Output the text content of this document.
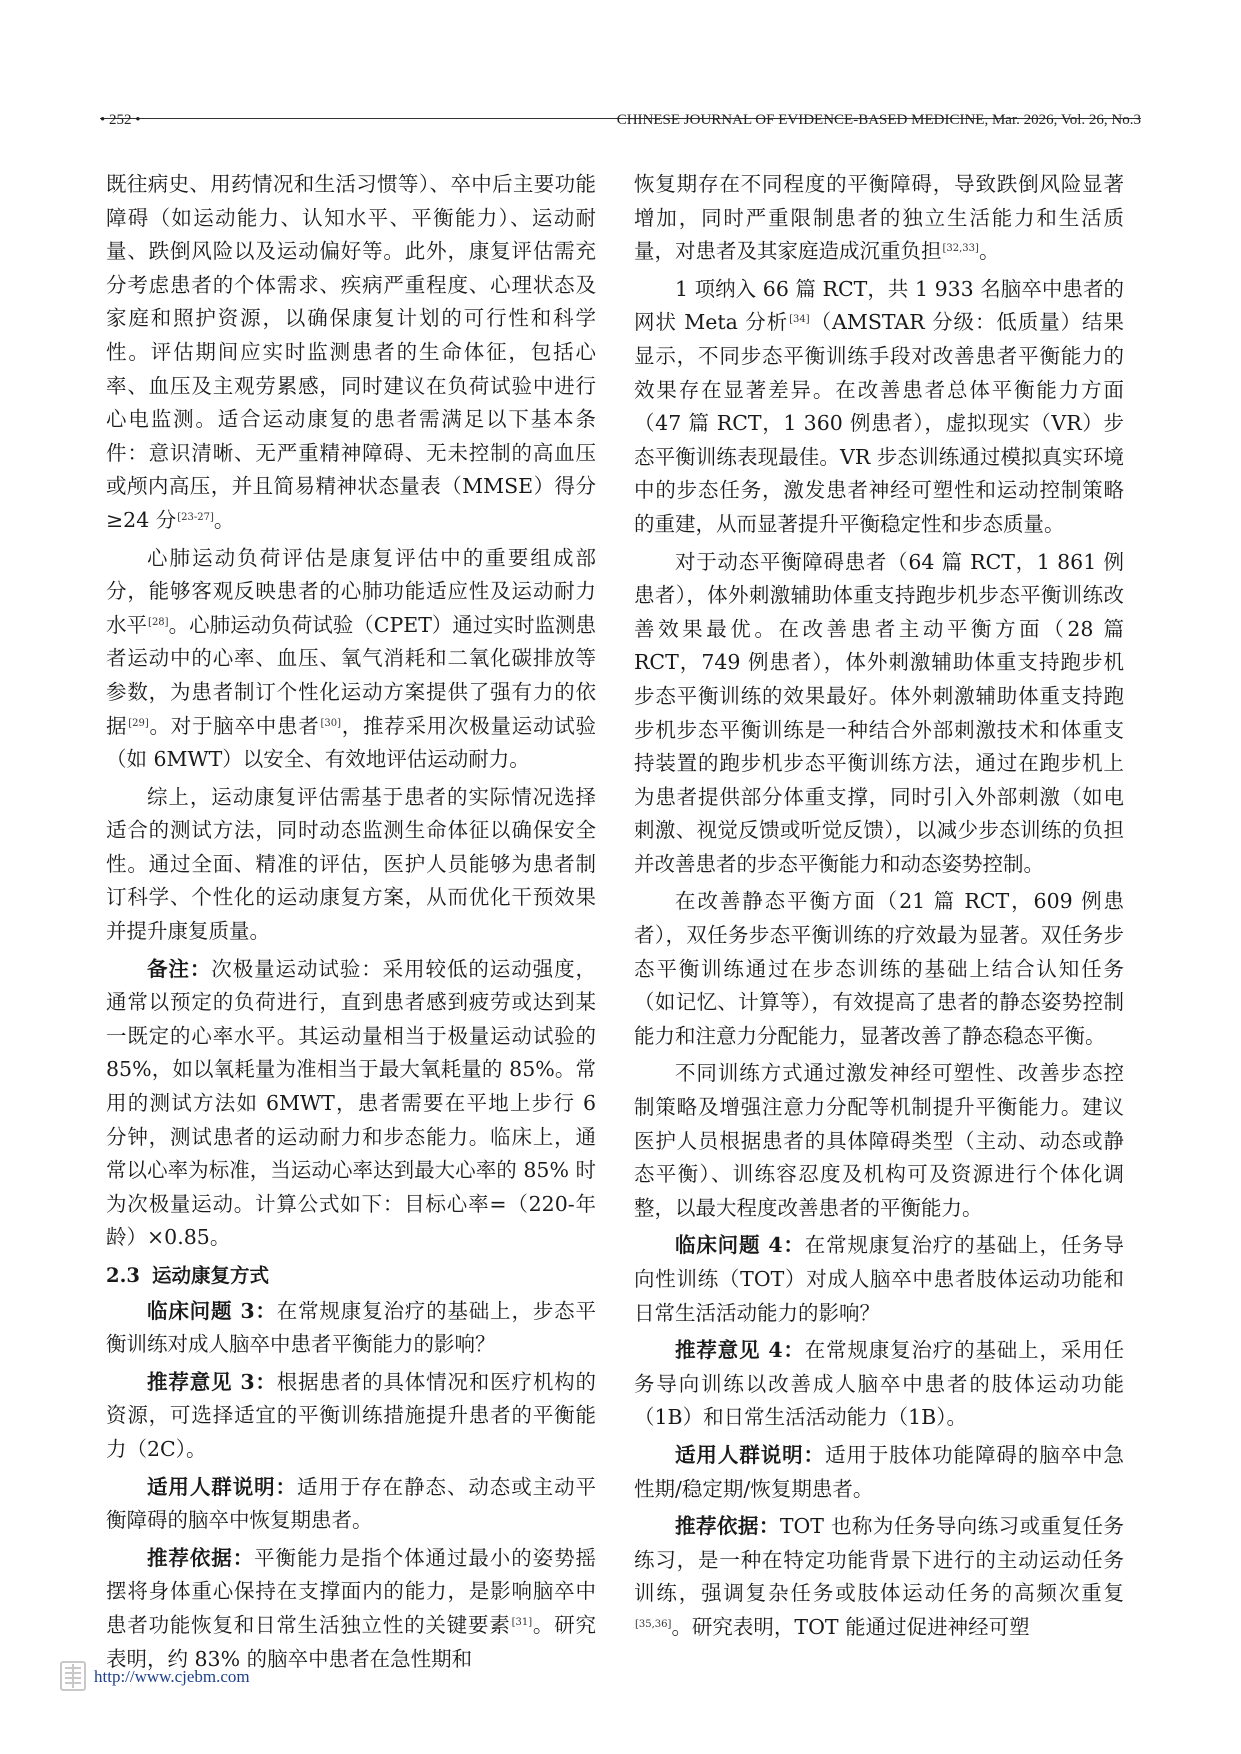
• 252 •	CHINESE JOURNAL OF EVIDENCE-BASED MEDICINE, Mar. 2026, Vol. 26, No.3

既往病史、用药情况和生活习惯等）、卒中后主要功能障碍（如运动能力、认知水平、平衡能力）、运动耐量、跌倒风险以及运动偏好等。此外，康复评估需充分考虑患者的个体需求、疾病严重程度、心理状态及家庭和照护资源，以确保康复计划的可行性和科学性。评估期间应实时监测患者的生命体征，包括心率、血压及主观劳累感，同时建议在负荷试验中进行心电监测。适合运动康复的患者需满足以下基本条件：意识清晰、无严重精神障碍、无未控制的高血压或颅内高压，并且简易精神状态量表（MMSE）得分≥24 分[23-27]。

心肺运动负荷评估是康复评估中的重要组成部分，能够客观反映患者的心肺功能适应性及运动耐力水平[28]。心肺运动负荷试验（CPET）通过实时监测患者运动中的心率、血压、氧气消耗和二氧化碳排放等参数，为患者制订个性化运动方案提供了强有力的依据[29]。对于脑卒中患者[30]，推荐采用次极量运动试验（如 6MWT）以安全、有效地评估运动耐力。

综上，运动康复评估需基于患者的实际情况选择适合的测试方法，同时动态监测生命体征以确保安全性。通过全面、精准的评估，医护人员能够为患者制订科学、个性化的运动康复方案，从而优化干预效果并提升康复质量。

备注：次极量运动试验：采用较低的运动强度，通常以预定的负荷进行，直到患者感到疲劳或达到某一既定的心率水平。其运动量相当于极量运动试验的 85%，如以氧耗量为准相当于最大氧耗量的 85%。常用的测试方法如 6MWT，患者需要在平地上步行 6 分钟，测试患者的运动耐力和步态能力。临床上，通常以心率为标准，当运动心率达到最大心率的 85% 时为次极量运动。计算公式如下：目标心率=（220-年龄）×0.85。

2.3 运动康复方式

临床问题 3：在常规康复治疗的基础上，步态平衡训练对成人脑卒中患者平衡能力的影响？

推荐意见 3：根据患者的具体情况和医疗机构的资源，可选择适宜的平衡训练措施提升患者的平衡能力（2C）。

适用人群说明：适用于存在静态、动态或主动平衡障碍的脑卒中恢复期患者。

推荐依据：平衡能力是指个体通过最小的姿势摇摆将身体重心保持在支撑面内的能力，是影响脑卒中患者功能恢复和日常生活独立性的关键要素[31]。研究表明，约 83% 的脑卒中患者在急性期和

恢复期存在不同程度的平衡障碍，导致跌倒风险显著增加，同时严重限制患者的独立生活能力和生活质量，对患者及其家庭造成沉重负担[32,33]。

1 项纳入 66 篇 RCT，共 1 933 名脑卒中患者的网状 Meta 分析[34]（AMSTAR 分级：低质量）结果显示，不同步态平衡训练手段对改善患者平衡能力的效果存在显著差异。在改善患者总体平衡能力方面（47 篇 RCT，1 360 例患者），虚拟现实（VR）步态平衡训练表现最佳。VR 步态训练通过模拟真实环境中的步态任务，激发患者神经可塑性和运动控制策略的重建，从而显著提升平衡稳定性和步态质量。

对于动态平衡障碍患者（64 篇 RCT，1 861 例患者），体外刺激辅助体重支持跑步机步态平衡训练改善效果最优。在改善患者主动平衡方面（28 篇 RCT，749 例患者），体外刺激辅助体重支持跑步机步态平衡训练的效果最好。体外刺激辅助体重支持跑步机步态平衡训练是一种结合外部刺激技术和体重支持装置的跑步机步态平衡训练方法，通过在跑步机上为患者提供部分体重支撑，同时引入外部刺激（如电刺激、视觉反馈或听觉反馈），以减少步态训练的负担并改善患者的步态平衡能力和动态姿势控制。

在改善静态平衡方面（21 篇 RCT，609 例患者），双任务步态平衡训练的疗效最为显著。双任务步态平衡训练通过在步态训练的基础上结合认知任务（如记忆、计算等），有效提高了患者的静态姿势控制能力和注意力分配能力，显著改善了静态稳态平衡。

不同训练方式通过激发神经可塑性、改善步态控制策略及增强注意力分配等机制提升平衡能力。建议医护人员根据患者的具体障碍类型（主动、动态或静态平衡）、训练容忍度及机构可及资源进行个体化调整，以最大程度改善患者的平衡能力。

临床问题 4：在常规康复治疗的基础上，任务导向性训练（TOT）对成人脑卒中患者肢体运动功能和日常生活活动能力的影响？

推荐意见 4：在常规康复治疗的基础上，采用任务导向训练以改善成人脑卒中患者的肢体运动功能（1B）和日常生活活动能力（1B）。

适用人群说明：适用于肢体功能障碍的脑卒中急性期/稳定期/恢复期患者。

推荐依据：TOT 也称为任务导向练习或重复任务练习，是一种在特定功能背景下进行的主动运动任务训练，强调复杂任务或肢体运动任务的高频次重复[35,36]。研究表明，TOT 能通过促进神经可塑

http://www.cjebm.com
